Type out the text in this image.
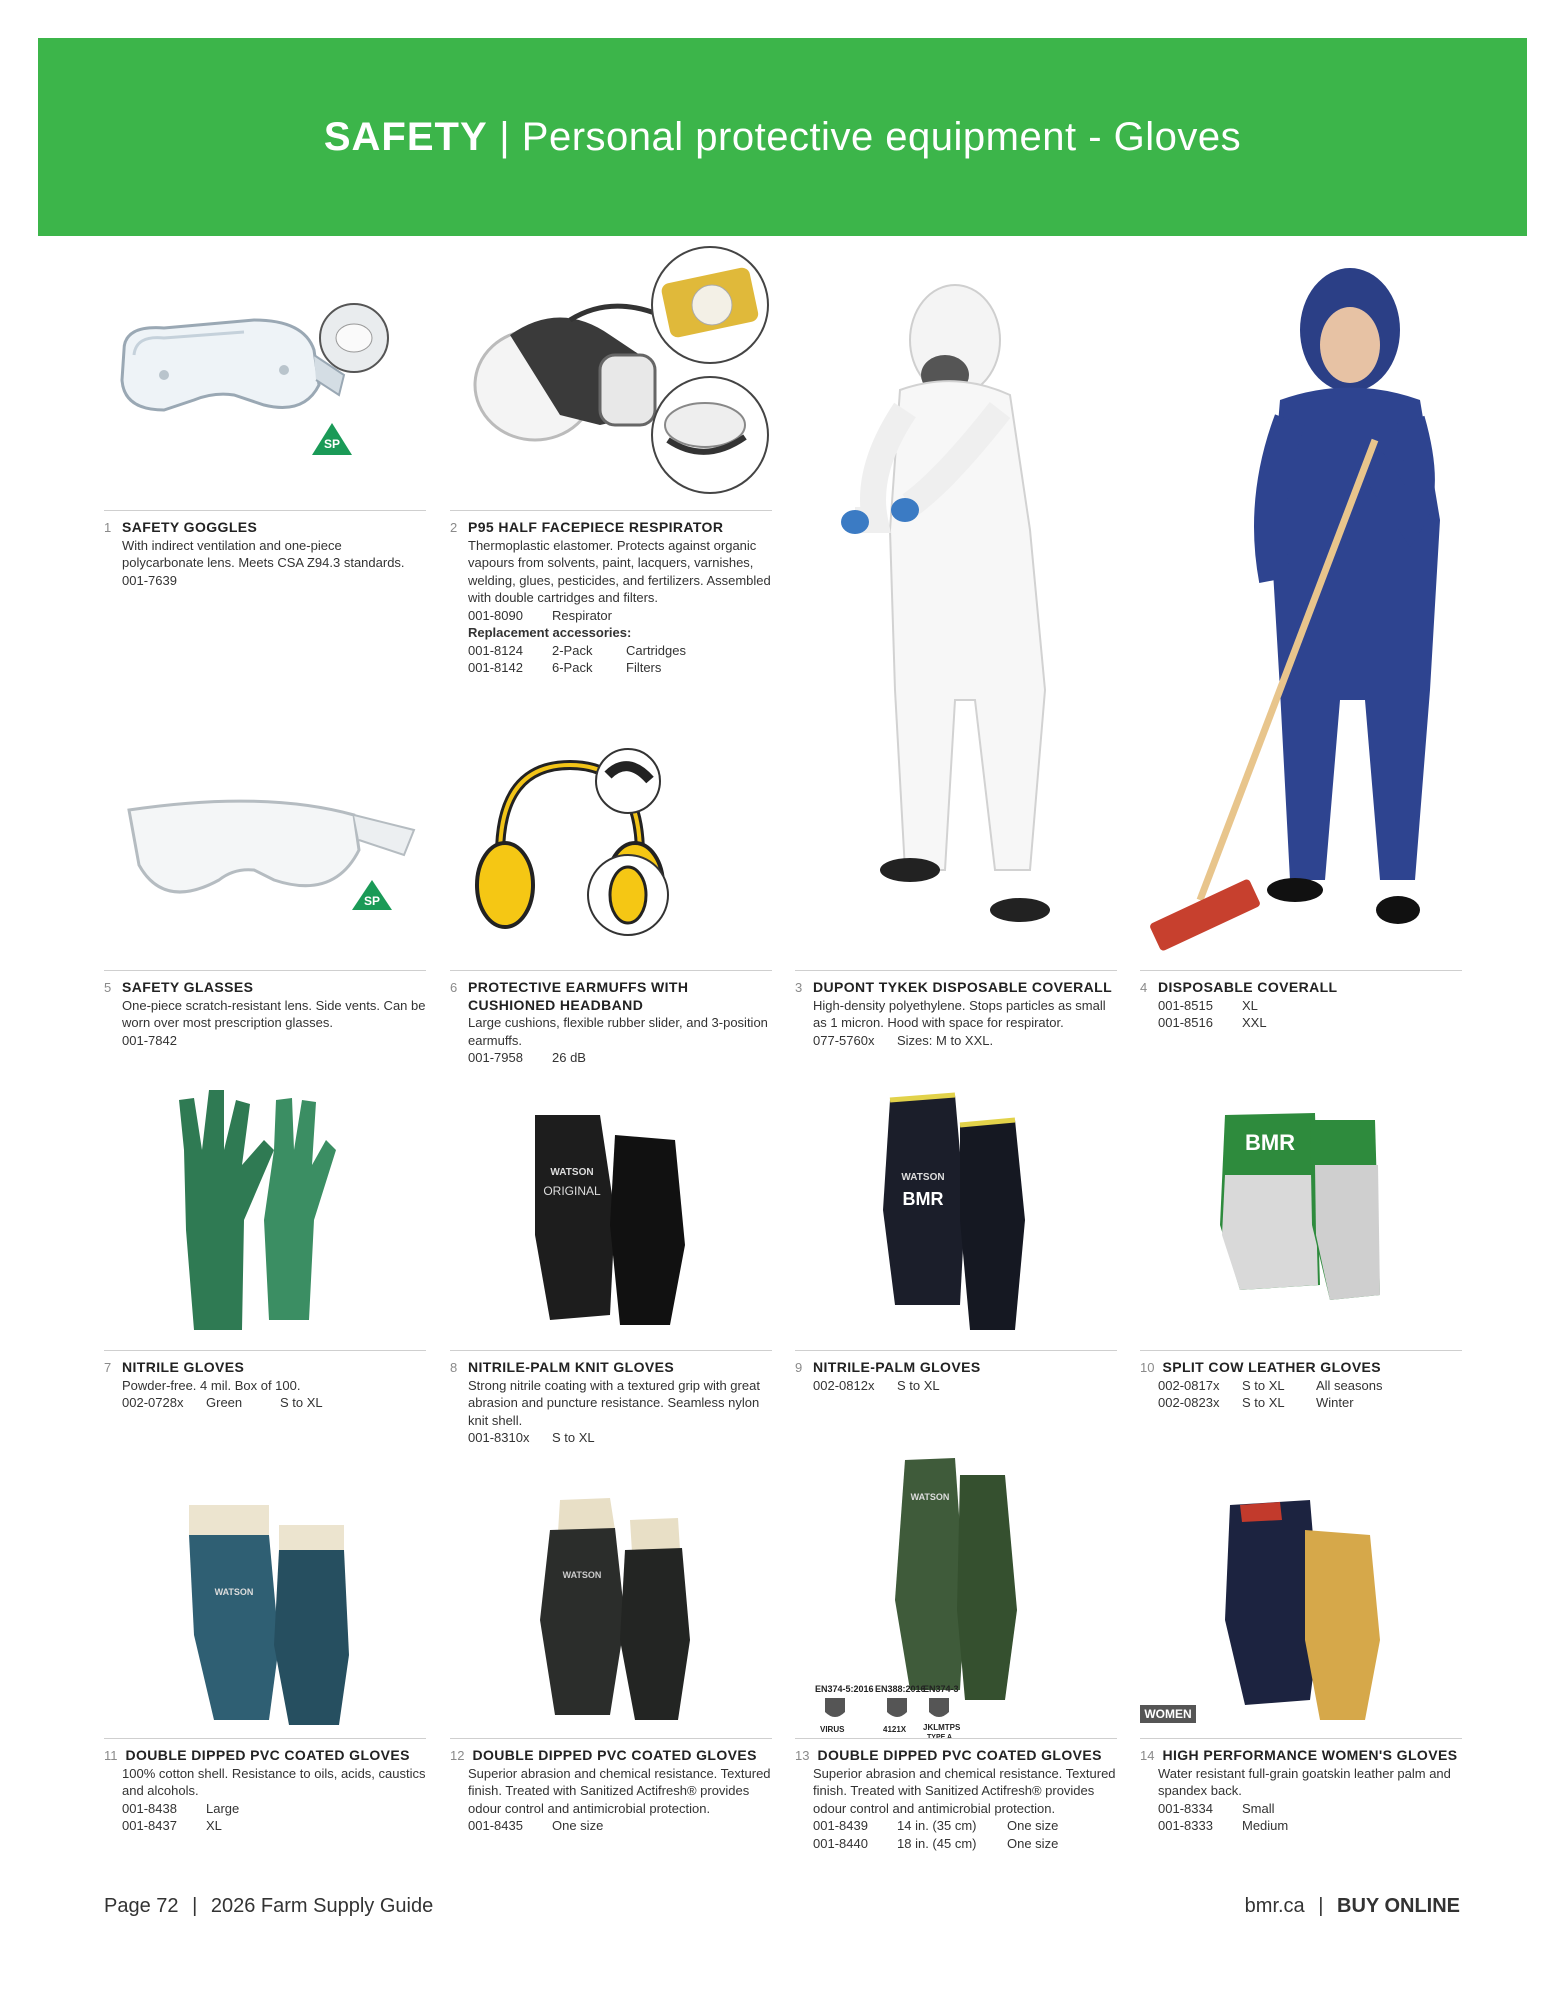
SAFETY | Personal protective equipment - Gloves
SP
1 SAFETY GOGGLES
With indirect ventilation and one-piece polycarbonate lens. Meets CSA Z94.3 standards.
001-7639
2 P95 HALF FACEPIECE RESPIRATOR
Thermoplastic elastomer. Protects against organic vapours from solvents, paint, lacquers, varnishes, welding, glues, pesticides, and fertilizers. Assembled with double cartridges and filters.
001-8090	Respirator
Replacement accessories:
001-8124	2-Pack	Cartridges
001-8142	6-Pack	Filters
3 DUPONT TYKEK DISPOSABLE COVERALL
High-density polyethylene. Stops particles as small as 1 micron. Hood with space for respirator.
077-5760x	Sizes: M to XXL.
4 DISPOSABLE COVERALL
001-8515	XL
001-8516	XXL
SP
5 SAFETY GLASSES
One-piece scratch-resistant lens. Side vents. Can be worn over most prescription glasses.
001-7842
6 PROTECTIVE EARMUFFS WITH CUSHIONED HEADBAND
Large cushions, flexible rubber slider, and 3-position earmuffs.
001-7958	26 dB
7 NITRILE GLOVES
Powder-free. 4 mil. Box of 100.
002-0728x	Green	S to XL
WATSON
ORIGINAL
8 NITRILE-PALM KNIT GLOVES
Strong nitrile coating with a textured grip with great abrasion and puncture resistance. Seamless nylon knit shell.
001-8310x	S to XL
WATSON
BMR
9 NITRILE-PALM GLOVES
002-0812x	S to XL
BMR
10 SPLIT COW LEATHER GLOVES
002-0817x	S to XL	All seasons
002-0823x	S to XL	Winter
WATSON
11 DOUBLE DIPPED PVC COATED GLOVES
100% cotton shell. Resistance to oils, acids, caustics and alcohols.
001-8438	Large
001-8437	XL
WATSON
12 DOUBLE DIPPED PVC COATED GLOVES
Superior abrasion and chemical resistance. Textured finish. Treated with Sanitized Actifresh® provides odour control and antimicrobial protection.
001-8435	One size
WATSON
EN374-5:2016
VIRUS
EN388:2016
4121X
EN374-3
JKLMTPS
TYPE A
13 DOUBLE DIPPED PVC COATED GLOVES
Superior abrasion and chemical resistance. Textured finish. Treated with Sanitized Actifresh® provides odour control and antimicrobial protection.
001-8439	14 in. (35 cm)	One size
001-8440	18 in. (45 cm)	One size
WOMEN
14 HIGH PERFORMANCE WOMEN'S GLOVES
Water resistant full-grain goatskin leather palm and spandex back.
001-8334	Small
001-8333	Medium
Page 72 | 2026 Farm Supply Guide	bmr.ca | BUY ONLINE
